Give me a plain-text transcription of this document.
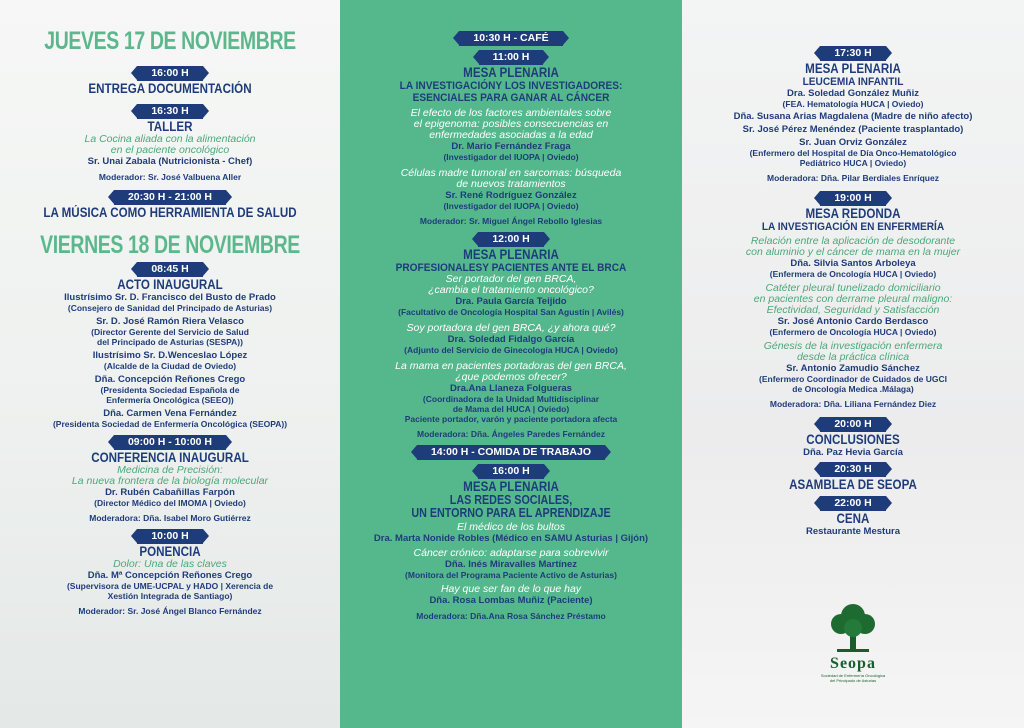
JUEVES 17 DE NOVIEMBRE
16:00 H
ENTREGA DOCUMENTACIÓN
16:30 H
TALLER
La Cocina aliada con la alimentación
en el paciente oncológico
Sr. Unai Zabala (Nutricionista - Chef)
Moderador: Sr. José Valbuena Aller
20:30 H - 21:00 H
LA MÚSICA COMO HERRAMIENTA DE SALUD
VIERNES 18 DE NOVIEMBRE
08:45 H
ACTO INAUGURAL
Ilustrísimo Sr. D. Francisco del Busto de Prado
(Consejero de Sanidad del Principado de Asturias)
Sr. D. José Ramón Riera Velasco
(Director Gerente del Servicio de Salud
del Principado de Asturias (SESPA))
Ilustrísimo Sr. D.Wenceslao López
(Alcalde de la Ciudad de Oviedo)
Dña. Concepción Reñones Crego
(Presidenta Sociedad Española de
Enfermería Oncológica (SEEO))
Dña. Carmen Vena Fernández
(Presidenta Sociedad de Enfermería Oncológica (SEOPA))
09:00 H - 10:00 H
CONFERENCIA INAUGURAL
Medicina de Precisión:
La nueva frontera de la biología molecular
Dr. Rubén Cabañillas Farpón
(Director Médico del IMOMA | Oviedo)
Moderadora: Dña. Isabel Moro Gutiérrez
10:00 H
PONENCIA
Dolor: Una de las claves
Dña. Mª Concepción Reñones Crego
(Supervisora de UME-UCPAL y HADO | Xerencia de
Xestión Integrada de Santiago)
Moderador: Sr. José Ángel Blanco Fernández
10:30 H - CAFÉ
11:00 H
MESA PLENARIA
LA INVESTIGACIÓNY LOS INVESTIGADORES:
ESENCIALES PARA GANAR AL CÁNCER
El efecto de los factores ambientales sobre
el epigenoma: posibles consecuencias en
enfermedades asociadas a la edad
Dr. Mario Fernández Fraga
(Investigador del IUOPA | Oviedo)
Células madre tumoral en sarcomas: búsqueda
de nuevos tratamientos
Sr. René Rodríguez González
(Investigador del IUOPA | Oviedo)
Moderador: Sr. Miguel Ángel Rebollo Iglesias
12:00 H
MESA PLENARIA
PROFESIONALESY PACIENTES ANTE EL BRCA
Ser portador del gen BRCA,
¿cambia el tratamiento oncológico?
Dra. Paula García Teijido
(Facultativo de Oncología Hospital San Agustín | Avilés)
Soy portadora del gen BRCA, ¿y ahora qué?
Dra. Soledad Fidalgo García
(Adjunto del Servicio de Ginecología HUCA | Oviedo)
La mama en pacientes portadoras del gen BRCA,
¿que podemos ofrecer?
Dra.Ana Llaneza Folgueras
(Coordinadora de la Unidad Multidisciplinar
de Mama del HUCA | Oviedo)
Paciente portador, varón y paciente portadora afecta
Moderadora: Dña. Ángeles Paredes Fernández
14:00 H - COMIDA DE TRABAJO
16:00 H
MESA PLENARIA
LAS REDES SOCIALES,
UN ENTORNO PARA EL APRENDIZAJE
El médico de los bultos
Dra. Marta Nonide Robles (Médico en SAMU Asturias | Gijón)
Cáncer crónico: adaptarse para sobrevivir
Dña. Inés Miravalles Martínez
(Monitora del Programa Paciente Activo de Asturias)
Hay que ser fan de lo que hay
Dña. Rosa Lombas Muñiz (Paciente)
Moderadora: Dña.Ana Rosa Sánchez Préstamo
17:30 H
MESA PLENARIA
LEUCEMIA INFANTIL
Dra. Soledad González Muñiz
(FEA. Hematología HUCA | Oviedo)
Dña. Susana Arias Magdalena (Madre de niño afecto)
Sr. José Pérez Menéndez (Paciente trasplantado)
Sr. Juan Orviz González
(Enfermero del Hospital de Día Onco-Hematológico
Pediátrico HUCA | Oviedo)
Moderadora: Dña. Pilar Berdiales Enríquez
19:00 H
MESA REDONDA
LA INVESTIGACIÓN EN ENFERMERÍA
Relación entre la aplicación de desodorante
con aluminio y el cáncer de mama en la mujer
Dña. Silvia Santos Arboleya
(Enfermera de Oncología HUCA | Oviedo)
Catéter pleural tunelizado domiciliario
en pacientes con derrame pleural maligno:
Efectividad, Seguridad y Satisfacción
Sr. José Antonio Cardo Berdasco
(Enfermero de Oncología HUCA | Oviedo)
Génesis de la investigación enfermera
desde la práctica clínica
Sr. Antonio Zamudio Sánchez
(Enfermero Coordinador de Cuidados de UGCI
de Oncología Medica .Málaga)
Moderadora: Dña. Liliana Fernández Diez
20:00 H
CONCLUSIONES
Dña. Paz Hevia García
20:30 H
ASAMBLEA DE SEOPA
22:00 H
CENA
Restaurante Mestura
Seopa
Sociedad de Enfermería Oncológica
del Principado de Asturias
